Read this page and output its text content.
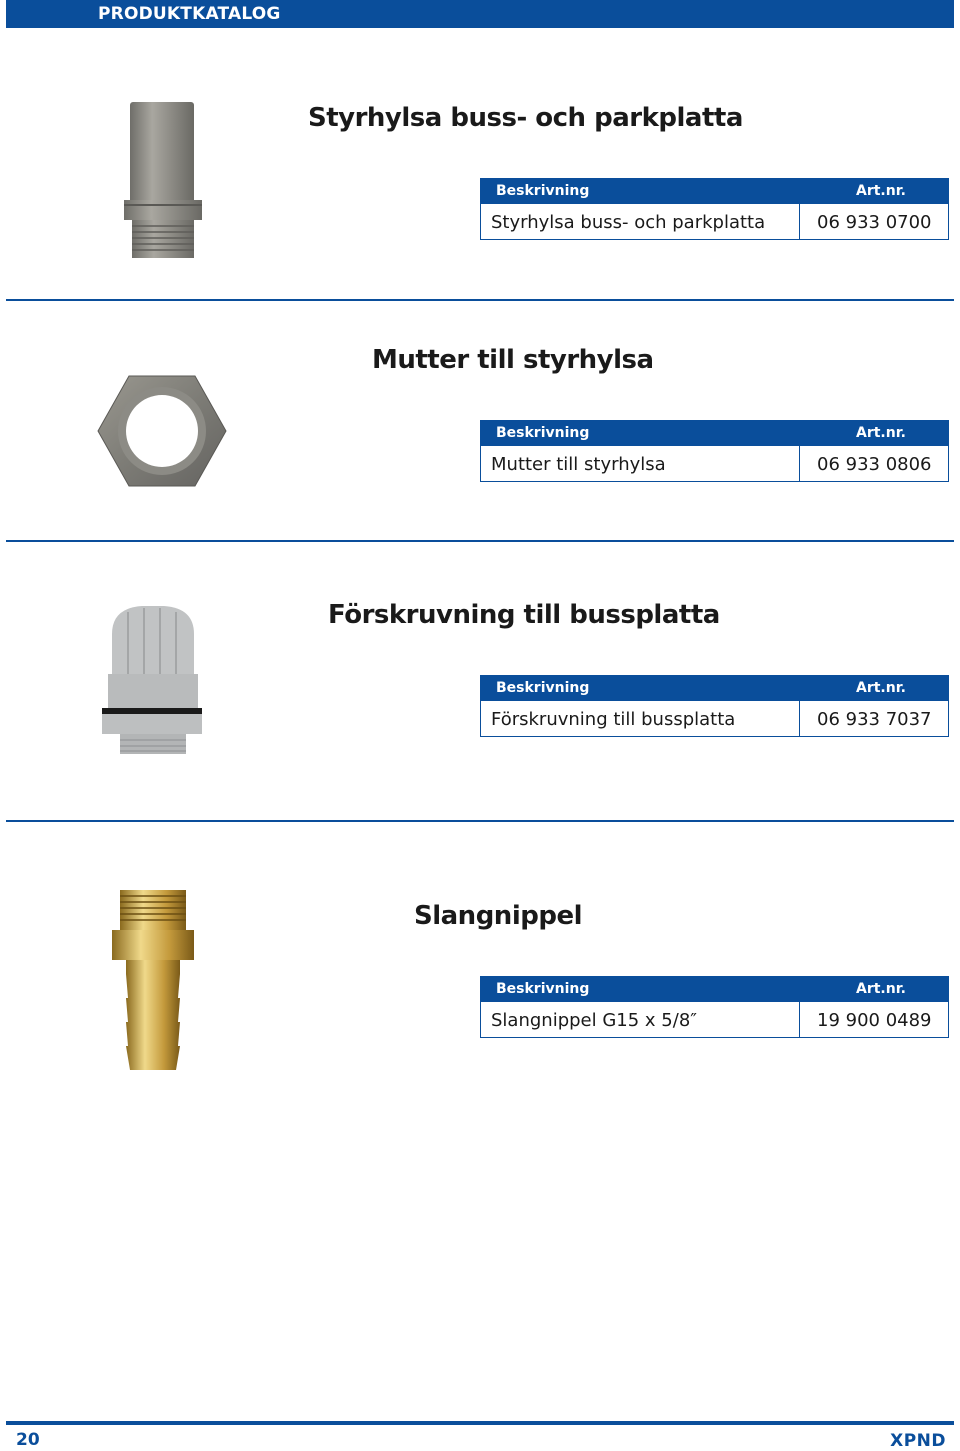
PRODUKTKATALOG
Styrhylsa buss- och parkplatta
Beskrivning	Art.nr.
Styrhylsa buss- och parkplatta	06 933 0700
Mutter till styrhylsa
Beskrivning	Art.nr.
Mutter till styrhylsa	06 933 0806
Förskruvning till bussplatta
Beskrivning	Art.nr.
Förskruvning till bussplatta	06 933 7037
Slangnippel
Beskrivning	Art.nr.
Slangnippel G15 x 5/8″	19 900 0489
20	XPND
